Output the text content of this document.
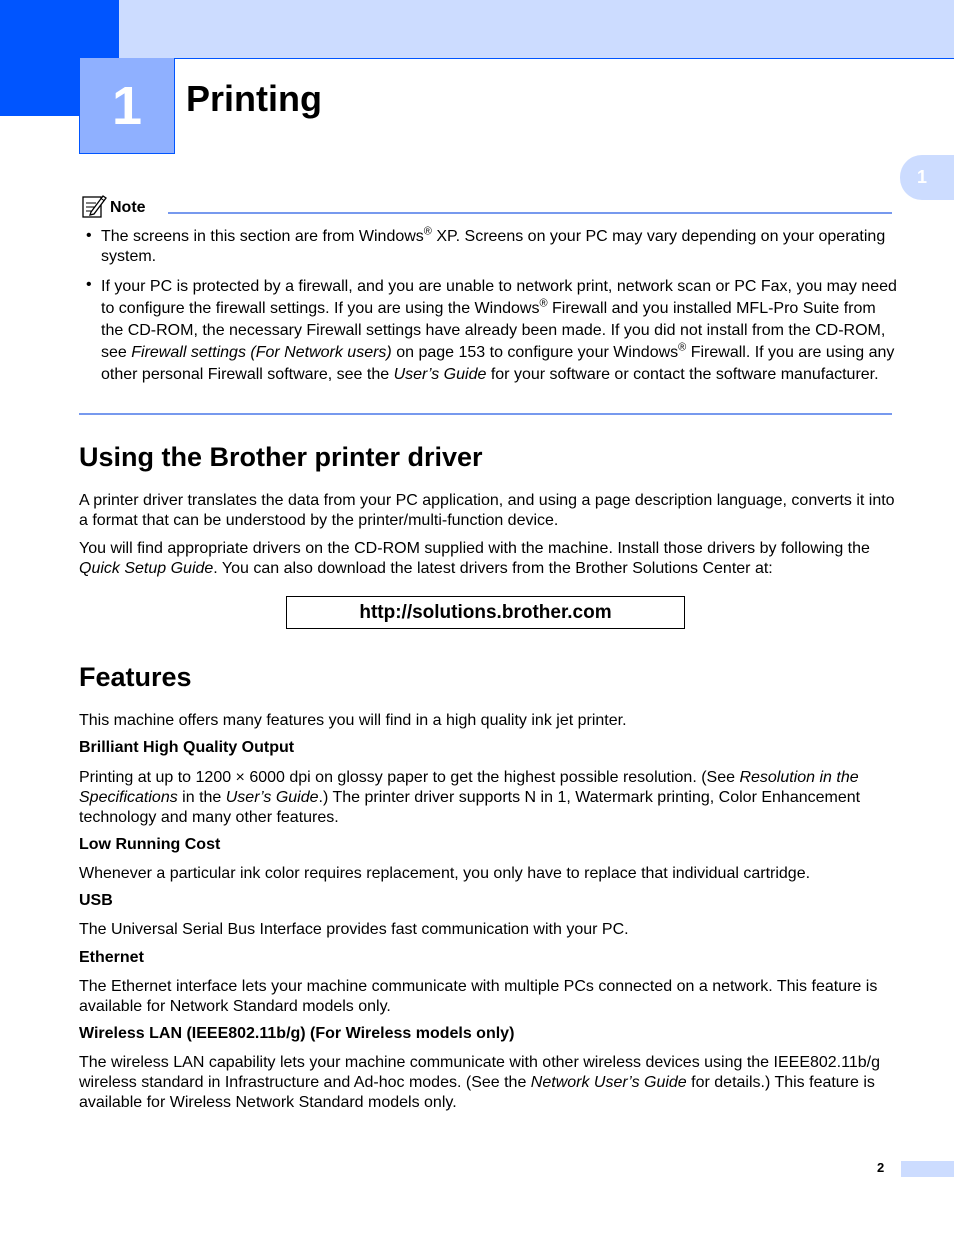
1 Printing
1
Note
• The screens in this section are from Windows® XP. Screens on your PC may vary depending on your operating system.

• If your PC is protected by a firewall, and you are unable to network print, network scan or PC Fax, you may need to configure the firewall settings. If you are using the Windows® Firewall and you installed MFL-Pro Suite from the CD-ROM, the necessary Firewall settings have already been made. If you did not install from the CD-ROM, see Firewall settings (For Network users) on page 153 to configure your Windows® Firewall. If you are using any other personal Firewall software, see the User’s Guide for your software or contact the software manufacturer.

Using the Brother printer driver

A printer driver translates the data from your PC application, and using a page description language, converts it into a format that can be understood by the printer/multi-function device.

You will find appropriate drivers on the CD-ROM supplied with the machine. Install those drivers by following the Quick Setup Guide. You can also download the latest drivers from the Brother Solutions Center at:

http://solutions.brother.com
Features

This machine offers many features you will find in a high quality ink jet printer.

Brilliant High Quality Output

Printing at up to 1200 × 6000 dpi on glossy paper to get the highest possible resolution. (See Resolution in the Specifications in the User’s Guide.) The printer driver supports N in 1, Watermark printing, Color Enhancement technology and many other features.

Low Running Cost

Whenever a particular ink color requires replacement, you only have to replace that individual cartridge.

USB

The Universal Serial Bus Interface provides fast communication with your PC.

Ethernet

The Ethernet interface lets your machine communicate with multiple PCs connected on a network. This feature is available for Network Standard models only.

Wireless LAN (IEEE802.11b/g) (For Wireless models only)

The wireless LAN capability lets your machine communicate with other wireless devices using the IEEE802.11b/g wireless standard in Infrastructure and Ad-hoc modes. (See the Network User’s Guide for details.) This feature is available for Wireless Network Standard models only.

2
